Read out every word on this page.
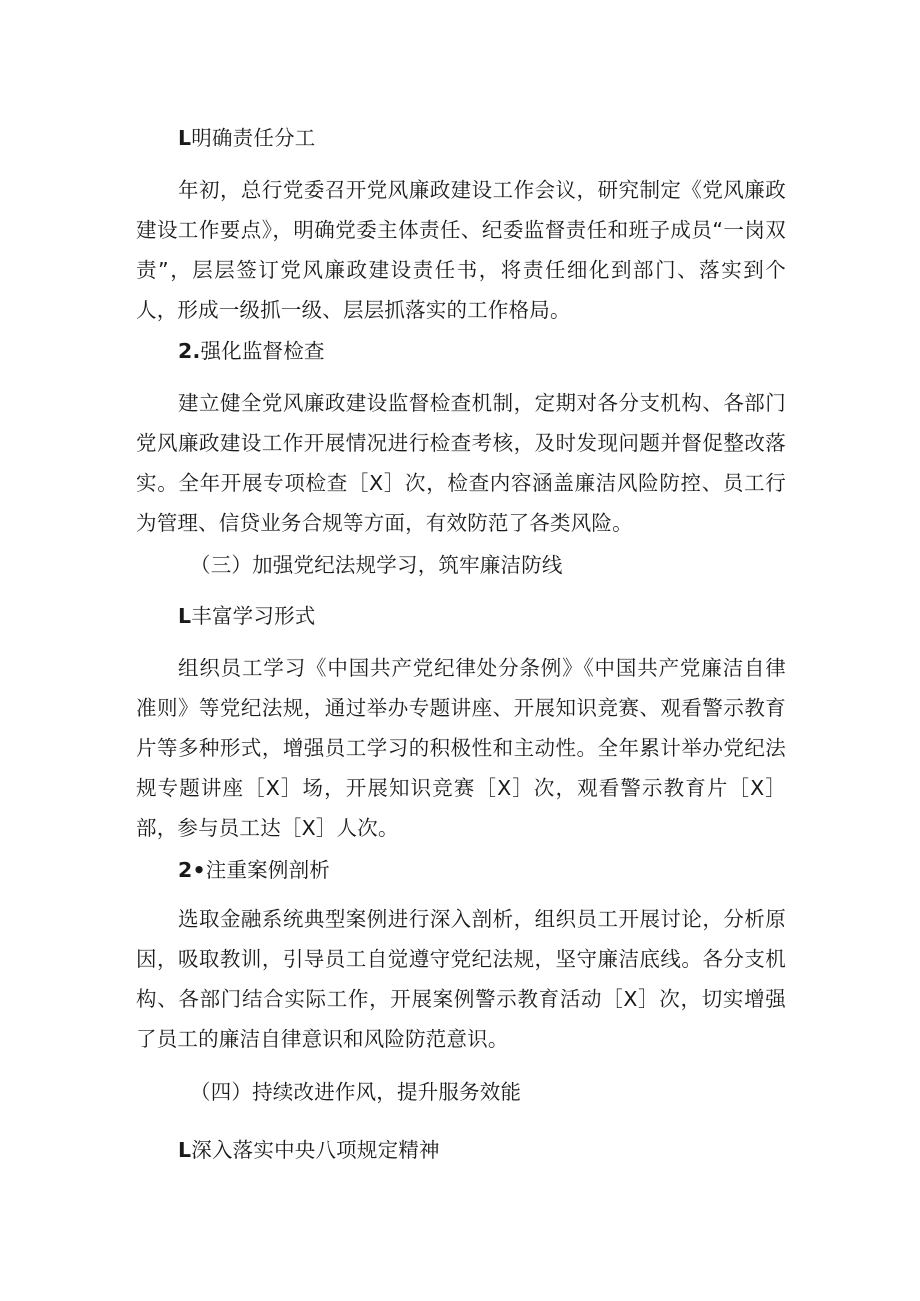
L明确责任分工
年初，总行党委召开党风廉政建设工作会议，研究制定《党风廉政建设工作要点》，明确党委主体责任、纪委监督责任和班子成员“一岗双责”，层层签订党风廉政建设责任书，将责任细化到部门、落实到个人，形成一级抓一级、层层抓落实的工作格局。
2.强化监督检查
建立健全党风廉政建设监督检查机制，定期对各分支机构、各部门党风廉政建设工作开展情况进行检查考核，及时发现问题并督促整改落实。全年开展专项检查［X］次，检查内容涵盖廉洁风险防控、员工行为管理、信贷业务合规等方面，有效防范了各类风险。
（三）加强党纪法规学习，筑牢廉洁防线
L丰富学习形式
组织员工学习《中国共产党纪律处分条例》《中国共产党廉洁自律准则》等党纪法规，通过举办专题讲座、开展知识竞赛、观看警示教育片等多种形式，增强员工学习的积极性和主动性。全年累计举办党纪法规专题讲座［X］场，开展知识竞赛［X］次，观看警示教育片［X］部，参与员工达［X］人次。
2•注重案例剖析
选取金融系统典型案例进行深入剖析，组织员工开展讨论，分析原因，吸取教训，引导员工自觉遵守党纪法规，坚守廉洁底线。各分支机构、各部门结合实际工作，开展案例警示教育活动［X］次，切实增强了员工的廉洁自律意识和风险防范意识。
（四）持续改进作风，提升服务效能
L深入落实中央八项规定精神
